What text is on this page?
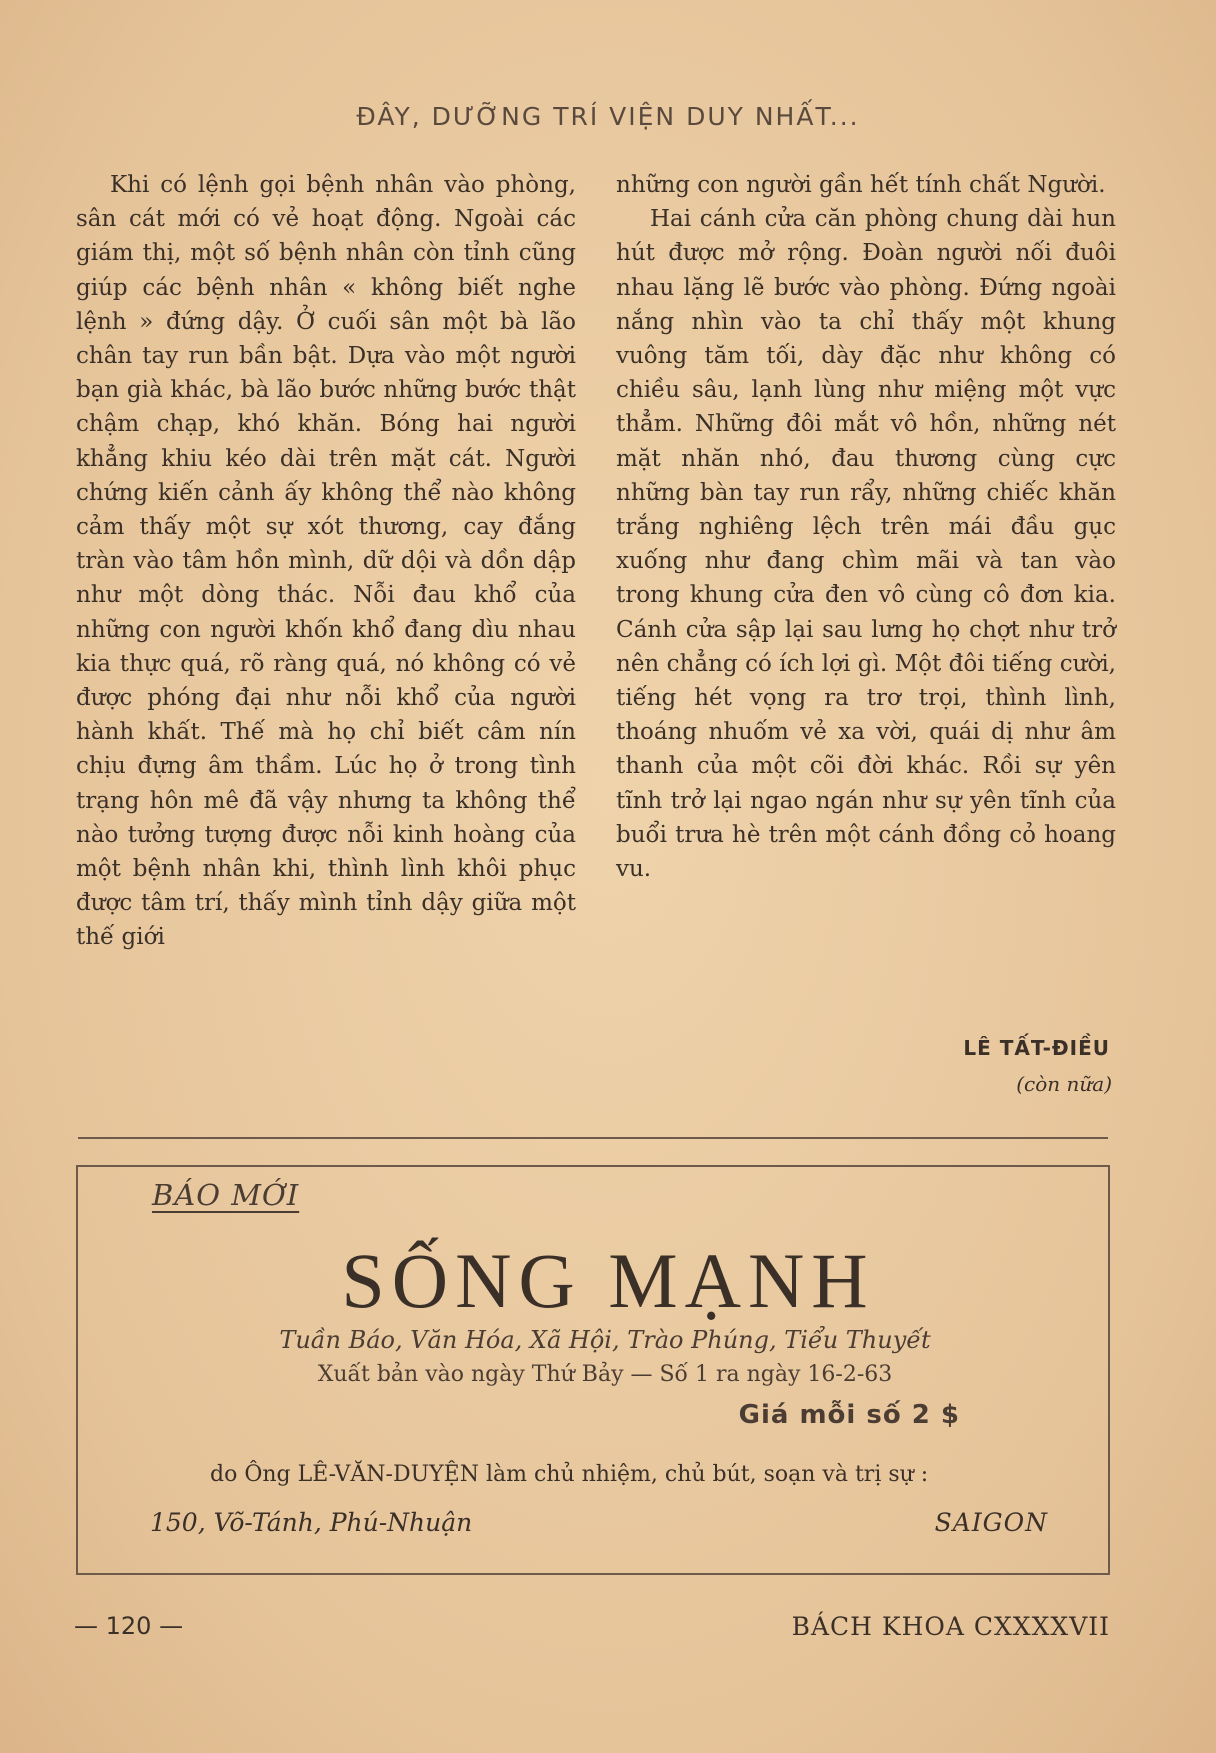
ĐÂY, DƯỠNG TRÍ VIỆN DUY NHẤT...

Khi có lệnh gọi bệnh nhân vào phòng, sân cát mới có vẻ hoạt động. Ngoài các giám thị, một số bệnh nhân còn tỉnh cũng giúp các bệnh nhân « không biết nghe lệnh » đứng dậy. Ở cuối sân một bà lão chân tay run bần bật. Dựa vào một người bạn già khác, bà lão bước những bước thật chậm chạp, khó khăn. Bóng hai người khẳng khiu kéo dài trên mặt cát. Người chứng kiến cảnh ấy không thể nào không cảm thấy một sự xót thương, cay đắng tràn vào tâm hồn mình, dữ dội và dồn dập như một dòng thác. Nỗi đau khổ của những con người khốn khổ đang dìu nhau kia thực quá, rõ ràng quá, nó không có vẻ được phóng đại như nỗi khổ của người hành khất. Thế mà họ chỉ biết câm nín chịu đựng âm thầm. Lúc họ ở trong tình trạng hôn mê đã vậy nhưng ta không thể nào tưởng tượng được nỗi kinh hoàng của một bệnh nhân khi, thình lình khôi phục được tâm trí, thấy mình tỉnh dậy giữa một thế giới

những con người gần hết tính chất Người.

Hai cánh cửa căn phòng chung dài hun hút được mở rộng. Đoàn người nối đuôi nhau lặng lẽ bước vào phòng. Đứng ngoài nắng nhìn vào ta chỉ thấy một khung vuông tăm tối, dày đặc như không có chiều sâu, lạnh lùng như miệng một vực thẳm. Những đôi mắt vô hồn, những nét mặt nhăn nhó, đau thương cùng cực những bàn tay run rẩy, những chiếc khăn trắng nghiêng lệch trên mái đầu gục xuống như đang chìm mãi và tan vào trong khung cửa đen vô cùng cô đơn kia. Cánh cửa sập lại sau lưng họ chợt như trở nên chẳng có ích lợi gì. Một đôi tiếng cười, tiếng hét vọng ra trơ trọi, thình lình, thoáng nhuốm vẻ xa vời, quái dị như âm thanh của một cõi đời khác. Rồi sự yên tĩnh trở lại ngao ngán như sự yên tĩnh của buổi trưa hè trên một cánh đồng cỏ hoang vu.

LÊ TẤT-ĐIỀU
(còn nữa)
BÁO MỚI
SỐNG MẠNH
Tuần Báo, Văn Hóa, Xã Hội, Trào Phúng, Tiểu Thuyết
Xuất bản vào ngày Thứ Bảy — Số 1 ra ngày 16-2-63
Giá mỗi số 2 $
do Ông LÊ-VĂN-DUYỆN làm chủ nhiệm, chủ bút, soạn và trị sự :
150, Võ-Tánh, Phú-Nhuận	SAIGON
— 120 —	BÁCH KHOA CXXXXVII
